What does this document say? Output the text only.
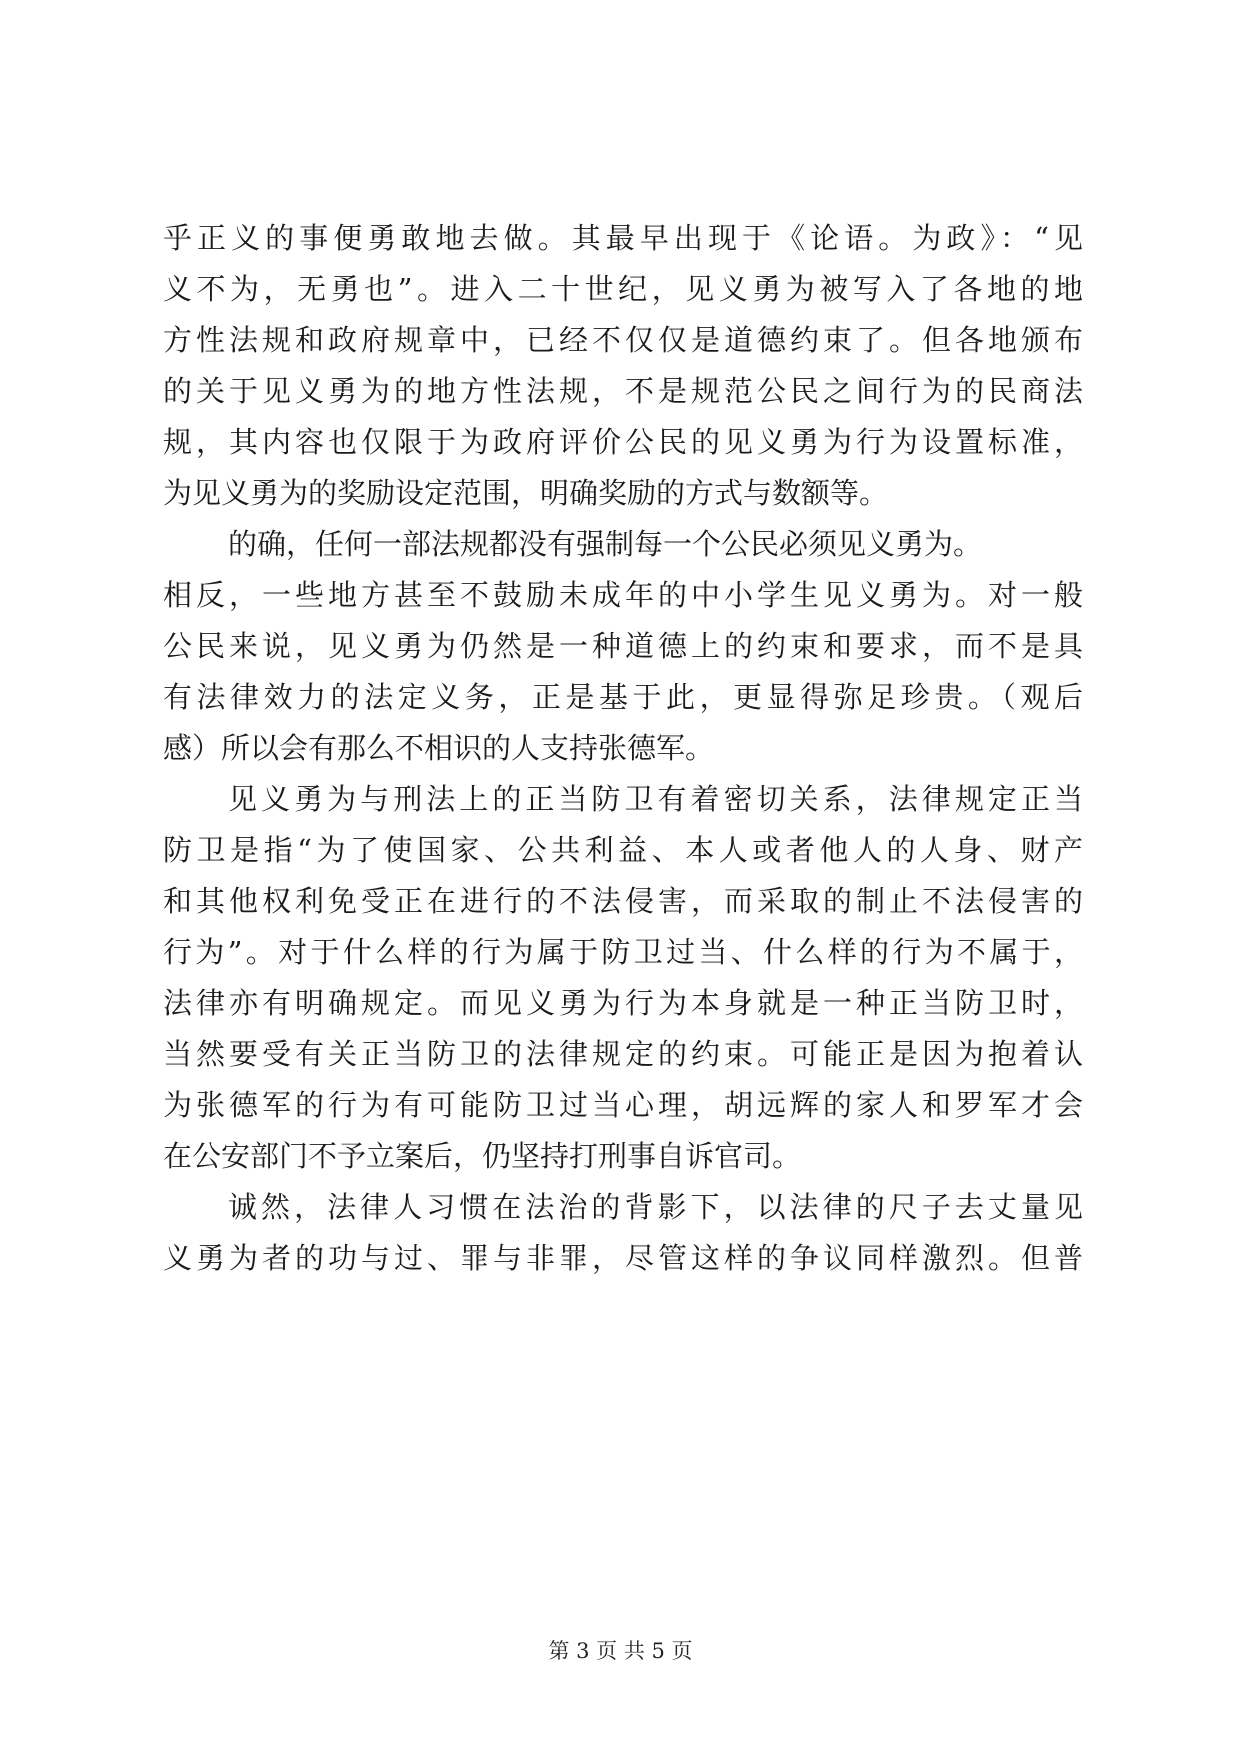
乎正义的事便勇敢地去做。其最早出现于《论语。为政》：“见
义不为，无勇也”。进入二十世纪，见义勇为被写入了各地的地
方性法规和政府规章中，已经不仅仅是道德约束了。但各地颁布
的关于见义勇为的地方性法规，不是规范公民之间行为的民商法
规，其内容也仅限于为政府评价公民的见义勇为行为设置标准，
为见义勇为的奖励设定范围，明确奖励的方式与数额等。
的确，任何一部法规都没有强制每一个公民必须见义勇为。
相反，一些地方甚至不鼓励未成年的中小学生见义勇为。对一般
公民来说，见义勇为仍然是一种道德上的约束和要求，而不是具
有法律效力的法定义务，正是基于此，更显得弥足珍贵。（观后
感）所以会有那么不相识的人支持张德军。
见义勇为与刑法上的正当防卫有着密切关系，法律规定正当
防卫是指“为了使国家、公共利益、本人或者他人的人身、财产
和其他权利免受正在进行的不法侵害，而采取的制止不法侵害的
行为”。对于什么样的行为属于防卫过当、什么样的行为不属于，
法律亦有明确规定。而见义勇为行为本身就是一种正当防卫时，
当然要受有关正当防卫的法律规定的约束。可能正是因为抱着认
为张德军的行为有可能防卫过当心理，胡远辉的家人和罗军才会
在公安部门不予立案后，仍坚持打刑事自诉官司。
诚然，法律人习惯在法治的背影下，以法律的尺子去丈量见
义勇为者的功与过、罪与非罪，尽管这样的争议同样激烈。但普
第 3 页 共 5 页
